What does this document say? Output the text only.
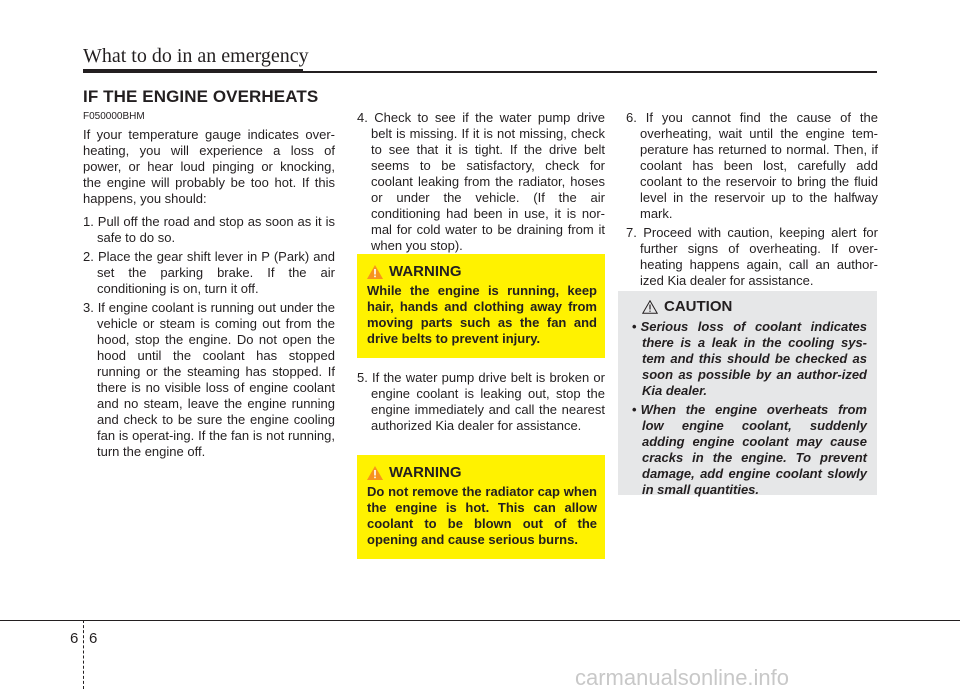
What to do in an emergency
IF THE ENGINE OVERHEATS
F050000BHM

If your temperature gauge indicates over-heating, you will experience a loss of power, or hear loud pinging or knocking, the engine will probably be too hot. If this happens, you should:

1. Pull off the road and stop as soon as it is safe to do so.
2. Place the gear shift lever in P (Park) and set the parking brake. If the air conditioning is on, turn it off.
3. If engine coolant is running out under the vehicle or steam is coming out from the hood, stop the engine. Do not open the hood until the coolant has stopped running or the steaming has stopped. If there is no visible loss of engine coolant and no steam, leave the engine running and check to be sure the engine cooling fan is operat-ing. If the fan is not running, turn the engine off.
4. Check to see if the water pump drive belt is missing. If it is not missing, check to see that it is tight. If the drive belt seems to be satisfactory, check for coolant leaking from the radiator, hoses or under the vehicle. (If the air conditioning had been in use, it is nor-mal for cold water to be draining from it when you stop).
WARNING
While the engine is running, keep hair, hands and clothing away from moving parts such as the fan and drive belts to prevent injury.
5. If the water pump drive belt is broken or engine coolant is leaking out, stop the engine immediately and call the nearest authorized Kia dealer for assistance.
WARNING
Do not remove the radiator cap when the engine is hot. This can allow coolant to be blown out of the opening and cause serious burns.
6. If you cannot find the cause of the overheating, wait until the engine tem-perature has returned to normal. Then, if coolant has been lost, carefully add coolant to the reservoir to bring the fluid level in the reservoir up to the halfway mark.
7. Proceed with caution, keeping alert for further signs of overheating. If over-heating happens again, call an author-ized Kia dealer for assistance.
CAUTION
• Serious loss of coolant indicates there is a leak in the cooling sys-tem and this should be checked as soon as possible by an author-ized Kia dealer.
• When the engine overheats from low engine coolant, suddenly adding engine coolant may cause cracks in the engine. To prevent damage, add engine coolant slowly in small quantities.
6 6
carmanualsonline.info
